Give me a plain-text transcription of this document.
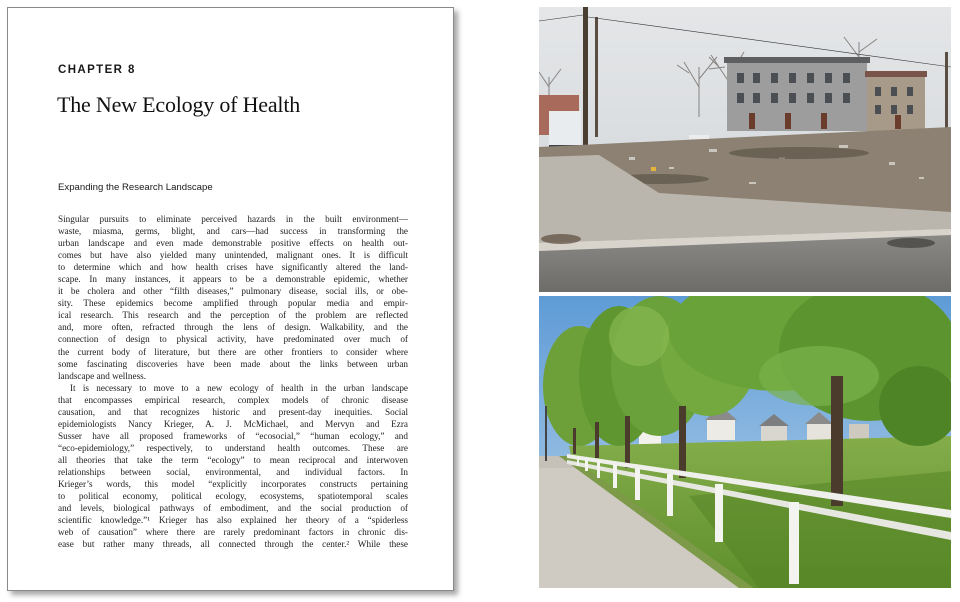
CHAPTER 8
The New Ecology of Health
Expanding the Research Landscape
Singular pursuits to eliminate perceived hazards in the built environment—
waste, miasma, germs, blight, and cars—had success in transforming the
urban landscape and even made demonstrable positive effects on health out-
comes but have also yielded many unintended, malignant ones. It is difficult
to determine which and how health crises have significantly altered the land-
scape. In many instances, it appears to be a demonstrable epidemic, whether
it be cholera and other “filth diseases,” pulmonary disease, social ills, or obe-
sity. These epidemics become amplified through popular media and empir-
ical research. This research and the perception of the problem are reflected
and, more often, refracted through the lens of design. Walkability, and the
connection of design to physical activity, have predominated over much of
the current body of literature, but there are other frontiers to consider where
some fascinating discoveries have been made about the links between urban
landscape and wellness.
It is necessary to move to a new ecology of health in the urban landscape
that encompasses empirical research, complex models of chronic disease
causation, and that recognizes historic and present-day inequities. Social
epidemiologists Nancy Krieger, A. J. McMichael, and Mervyn and Ezra
Susser have all proposed frameworks of “ecosocial,” “human ecology,” and
“eco-epidemiology,” respectively, to understand health outcomes. These are
all theories that take the term “ecology” to mean reciprocal and interwoven
relationships between social, environmental, and individual factors. In
Krieger’s words, this model “explicitly incorporates constructs pertaining
to political economy, political ecology, ecosystems, spatiotemporal scales
and levels, biological pathways of embodiment, and the social production of
scientific knowledge.”¹ Krieger has also explained her theory of a “spiderless
web of causation” where there are rarely predominant factors in chronic dis-
ease but rather many threads, all connected through the center.² While these
